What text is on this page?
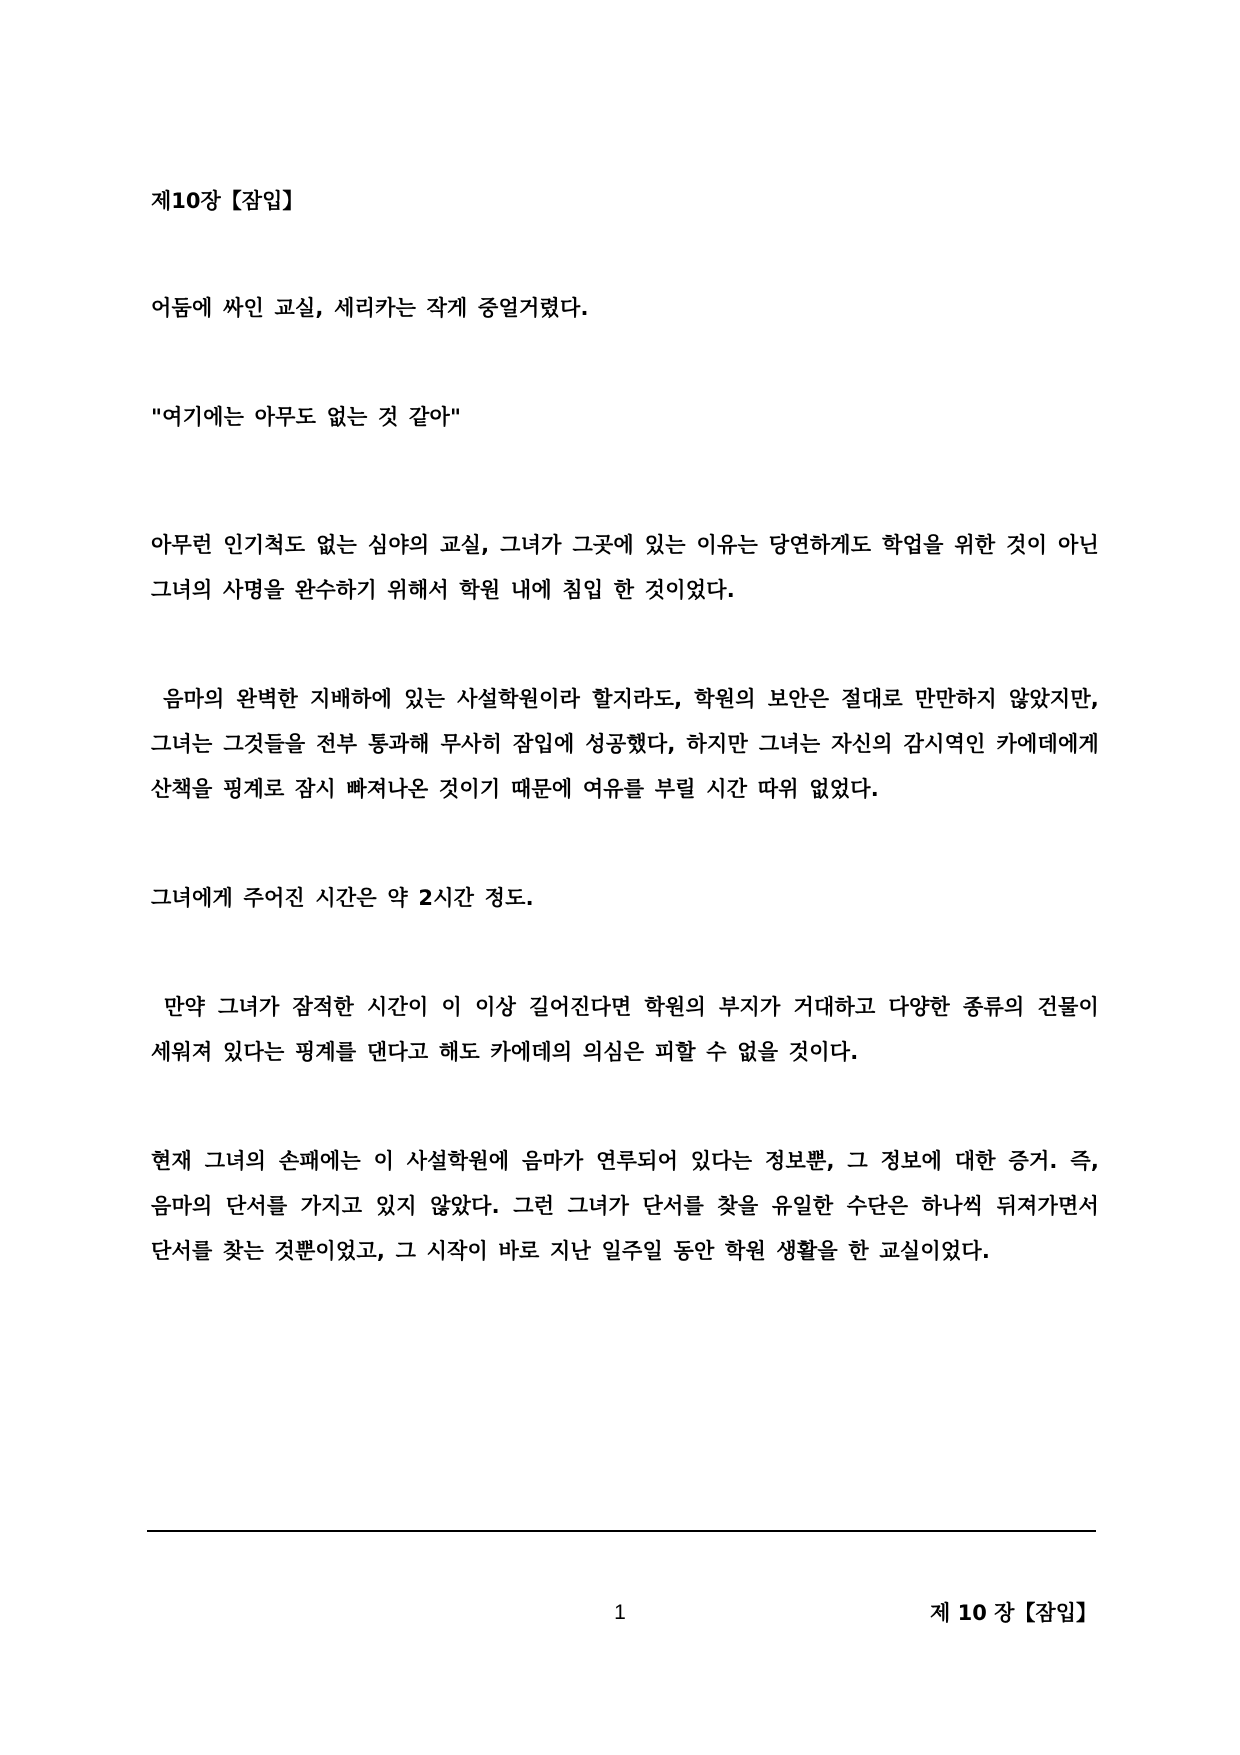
제10장【잠입】

어둠에 싸인 교실, 세리카는 작게 중얼거렸다.

"여기에는 아무도 없는 것 같아"

아무런 인기척도 없는 심야의 교실, 그녀가 그곳에 있는 이유는 당연하게도 학업을 위한 것이 아닌 그녀의 사명을 완수하기 위해서 학원 내에 침입 한 것이었다.

음마의 완벽한 지배하에 있는 사설학원이라 할지라도, 학원의 보안은 절대로 만만하지 않았지만, 그녀는 그것들을 전부 통과해 무사히 잠입에 성공했다, 하지만 그녀는 자신의 감시역인 카에데에게 산책을 핑계로 잠시 빠져나온 것이기 때문에 여유를 부릴 시간 따위 없었다.

그녀에게 주어진 시간은 약 2시간 정도.

만약 그녀가 잠적한 시간이 이 이상 길어진다면 학원의 부지가 거대하고 다양한 종류의 건물이 세워져 있다는 핑계를 댄다고 해도 카에데의 의심은 피할 수 없을 것이다.

현재 그녀의 손패에는 이 사설학원에 음마가 연루되어 있다는 정보뿐, 그 정보에 대한 증거. 즉, 음마의 단서를 가지고 있지 않았다. 그런 그녀가 단서를 찾을 유일한 수단은 하나씩 뒤져가면서 단서를 찾는 것뿐이었고, 그 시작이 바로 지난 일주일 동안 학원 생활을 한 교실이었다.

1	제 10 장【잠입】
